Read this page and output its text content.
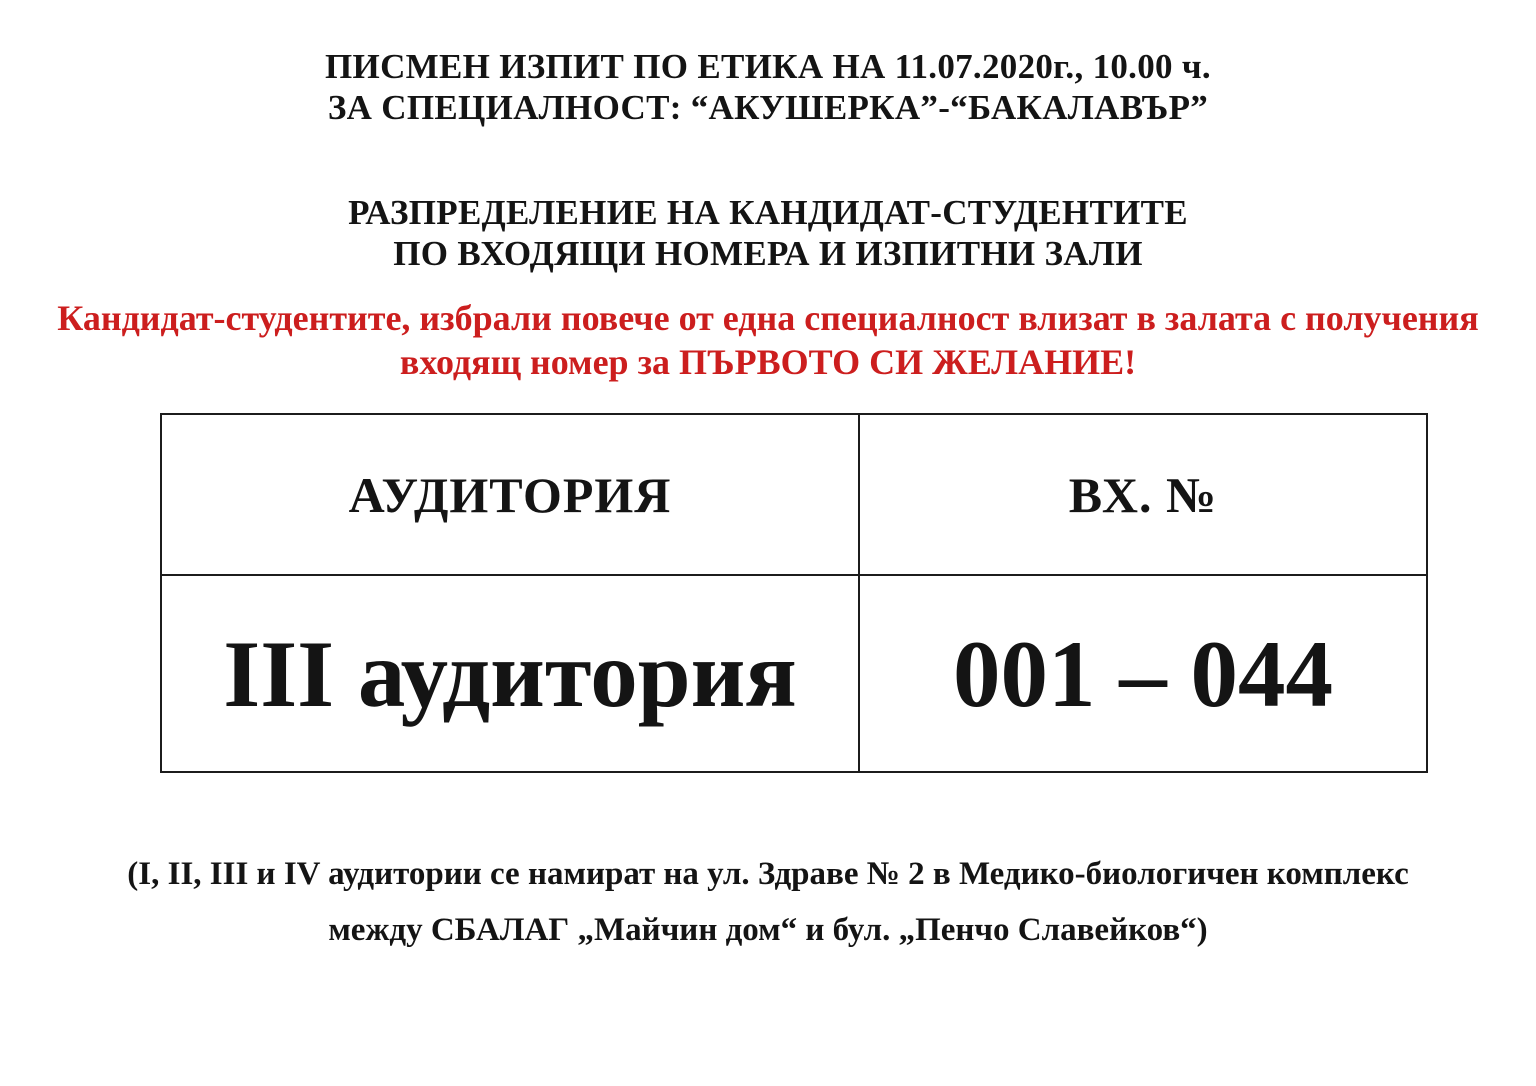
ПИСМЕН ИЗПИТ ПО ЕТИКА НА 11.07.2020г., 10.00 ч.
ЗА СПЕЦИАЛНОСТ: “АКУШЕРКА”-“БАКАЛАВЪР”
РАЗПРЕДЕЛЕНИЕ НА КАНДИДАТ-СТУДЕНТИТЕ
ПО ВХОДЯЩИ НОМЕРА И ИЗПИТНИ ЗАЛИ
Кандидат-студентите, избрали повече от една специалност влизат в залата с получения
входящ номер за ПЪРВОТО СИ ЖЕЛАНИЕ!
АУДИТОРИЯ	ВХ. №
III аудитория	001 – 044
(I, II, III и IV аудитории се намират на ул. Здраве № 2 в Медико-биологичен комплекс
между СБАЛАГ „Майчин дом“ и бул. „Пенчо Славейков“)
